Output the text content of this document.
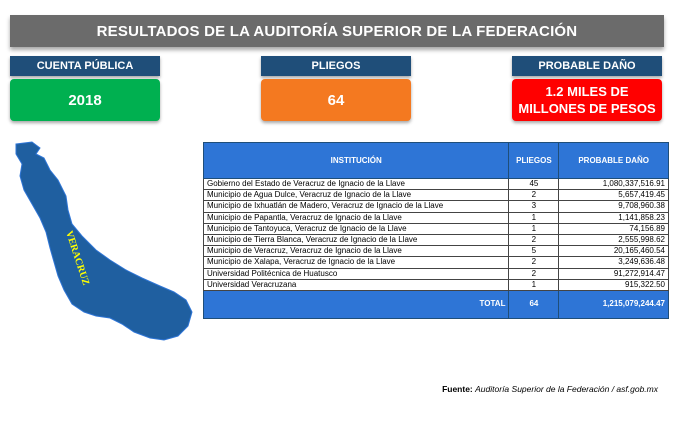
RESULTADOS DE LA AUDITORÍA SUPERIOR DE LA FEDERACIÓN
CUENTA PÚBLICA
2018
PLIEGOS
64
PROBABLE DAÑO
1.2 MILES DE
MILLONES DE PESOS
VERACRUZ
INSTITUCIÓN	PLIEGOS	PROBABLE DAÑO
Gobierno del Estado de Veracruz de Ignacio de la Llave	45	1,080,337,516.91
Municipio de Agua Dulce, Veracruz de Ignacio de la Llave	2	5,657,419.45
Municipio de Ixhuatlán de Madero, Veracruz de Ignacio de la Llave	3	9,708,960.38
Municipio de Papantla, Veracruz de Ignacio de la Llave	1	1,141,858.23
Municipio de Tantoyuca, Veracruz de Ignacio de la Llave	1	74,156.89
Municipio de Tierra Blanca, Veracruz de Ignacio de la Llave	2	2,555,998.62
Municipio de Veracruz, Veracruz de Ignacio de la Llave	5	20,165,460.54
Municipio de Xalapa, Veracruz de Ignacio de la Llave	2	3,249,636.48
Universidad Politécnica de Huatusco	2	91,272,914.47
Universidad Veracruzana	1	915,322.50
TOTAL	64	1,215,079,244.47
Fuente: Auditoría Superior de la Federación / asf.gob.mx
